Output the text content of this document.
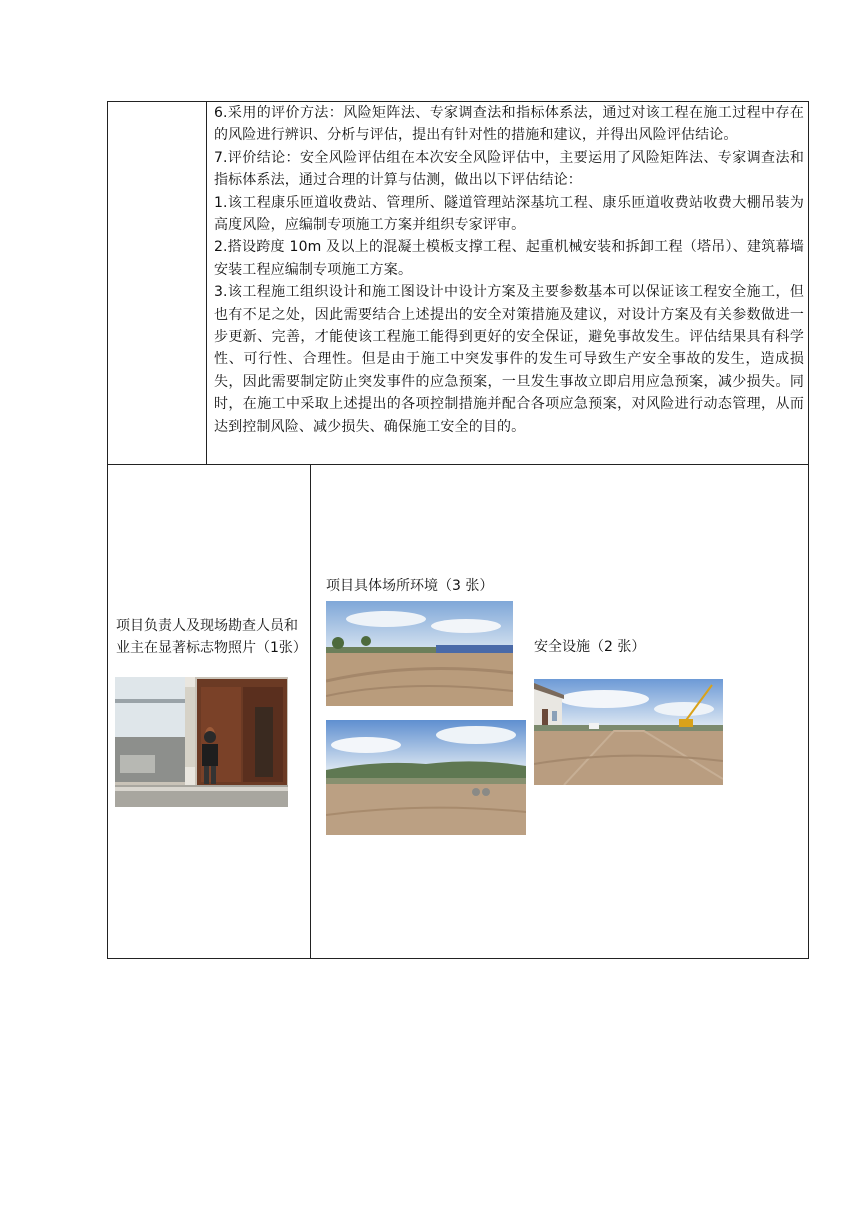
6.采用的评价方法：风险矩阵法、专家调查法和指标体系法，通过对该工程在施工过程中存在的风险进行辨识、分析与评估，提出有针对性的措施和建议，并得出风险评估结论。

7.评价结论：安全风险评估组在本次安全风险评估中，主要运用了风险矩阵法、专家调查法和指标体系法，通过合理的计算与估测，做出以下评估结论：

1.该工程康乐匝道收费站、管理所、隧道管理站深基坑工程、康乐匝道收费站收费大棚吊装为高度风险，应编制专项施工方案并组织专家评审。

2.搭设跨度 10m 及以上的混凝土模板支撑工程、起重机械安装和拆卸工程（塔吊）、建筑幕墙安装工程应编制专项施工方案。

3.该工程施工组织设计和施工图设计中设计方案及主要参数基本可以保证该工程安全施工，但也有不足之处，因此需要结合上述提出的安全对策措施及建议，对设计方案及有关参数做进一步更新、完善，才能使该工程施工能得到更好的安全保证，避免事故发生。评估结果具有科学性、可行性、合理性。但是由于施工中突发事件的发生可导致生产安全事故的发生，造成损失，因此需要制定防止突发事件的应急预案，一旦发生事故立即启用应急预案，减少损失。同时，在施工中采取上述提出的各项控制措施并配合各项应急预案，对风险进行动态管理，从而达到控制风险、减少损失、确保施工安全的目的。

项目负责人及现场勘查人员和业主在显著标志物照片（1张）

项目具体场所环境（3 张）

安全设施（2 张）
